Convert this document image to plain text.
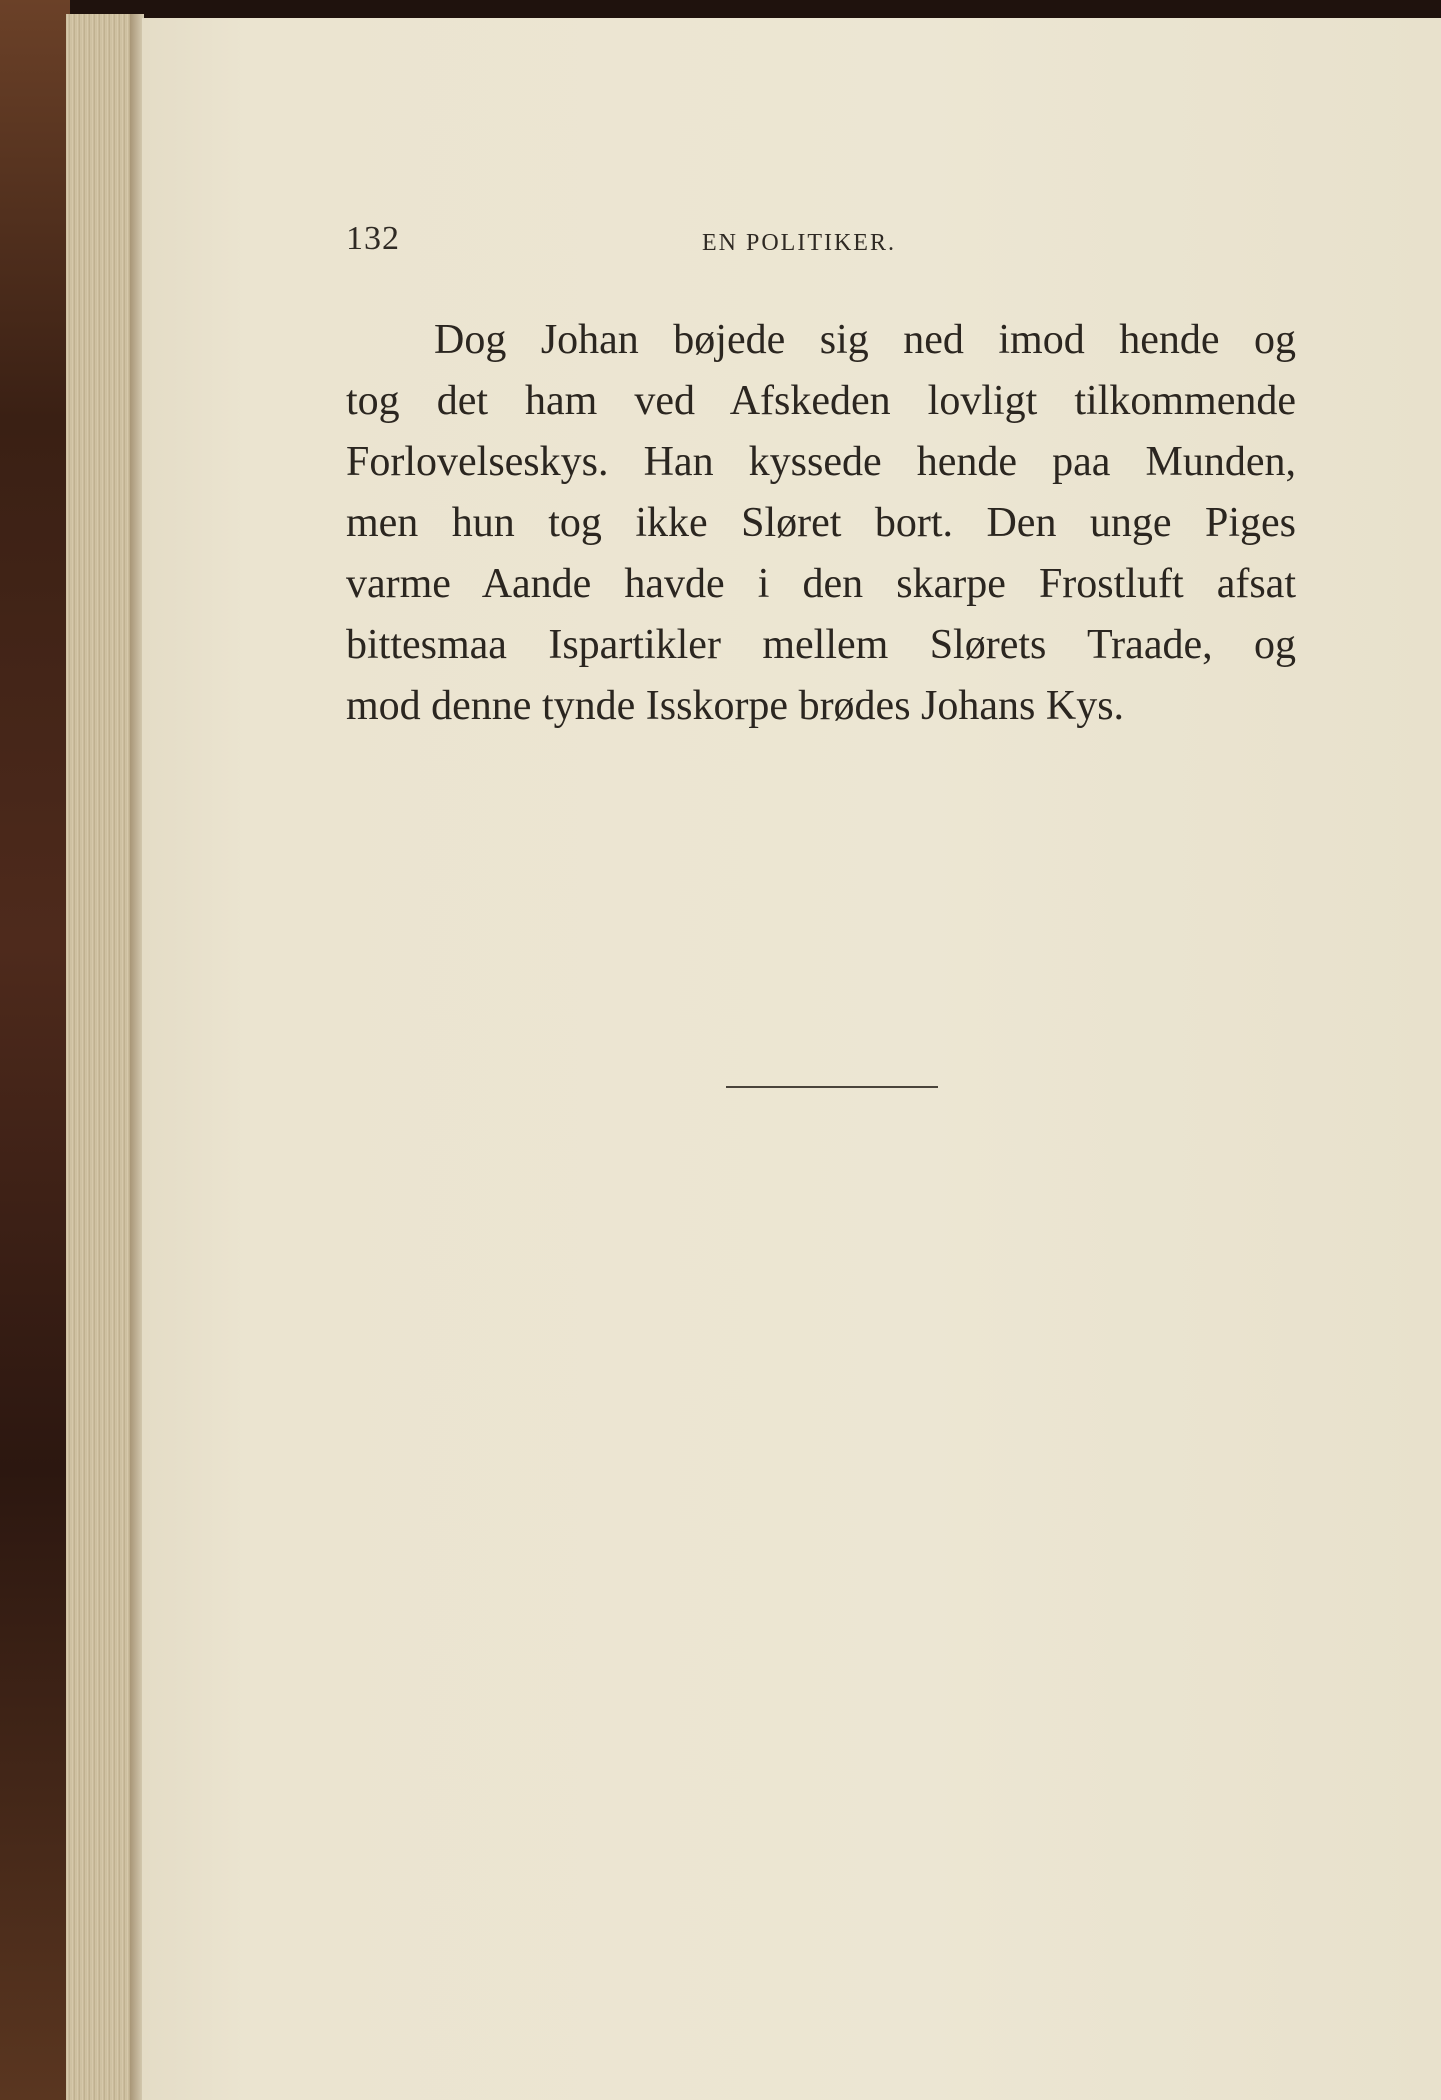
132	EN POLITIKER.
Dog Johan bøjede sig ned imod hende og
tog det ham ved Afskeden lovligt tilkommende
Forlovelseskys. Han kyssede hende paa Munden,
men hun tog ikke Sløret bort. Den unge Piges
varme Aande havde i den skarpe Frostluft afsat
bittesmaa Ispartikler mellem Slørets Traade, og
mod denne tynde Isskorpe brødes Johans Kys.
